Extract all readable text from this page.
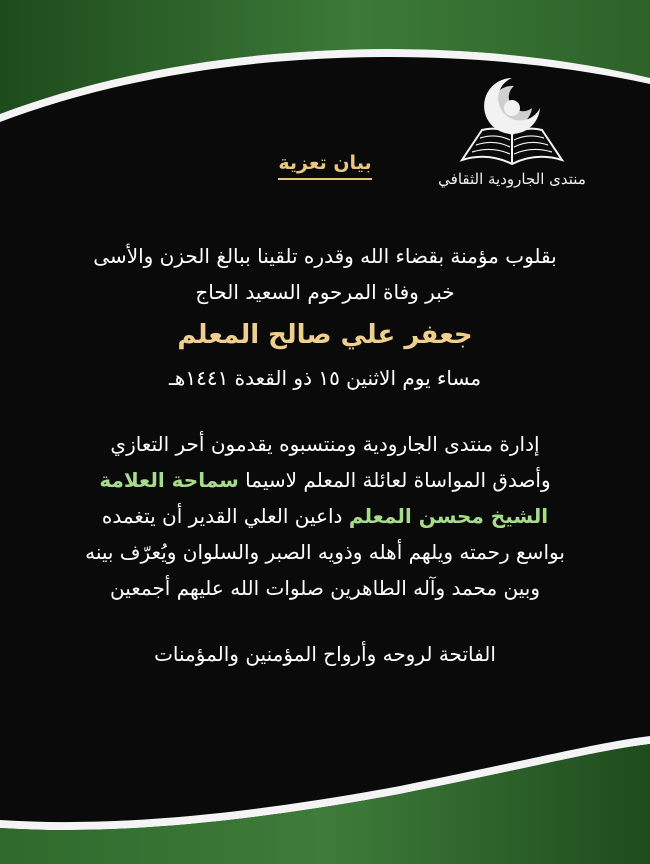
منتدى الجارودية الثقافي
بيان تعزية
بقلوب مؤمنة بقضاء الله وقدره تلقينا ببالغ الحزن والأسى
خبر وفاة المرحوم السعيد الحاج
جعفر علي صالح المعلم
مساء يوم الاثنين ١٥ ذو القعدة ١٤٤١هـ
إدارة منتدى الجارودية ومنتسبوه يقدمون أحر التعازي
وأصدق المواساة لعائلة المعلم لاسيما سماحة العلامة
الشيخ محسن المعلم داعين العلي القدير أن يتغمده
بواسع رحمته ويلهم أهله وذويه الصبر والسلوان ويُعرّف بينه
وبين محمد وآله الطاهرين صلوات الله عليهم أجمعين
الفاتحة لروحه وأرواح المؤمنين والمؤمنات
